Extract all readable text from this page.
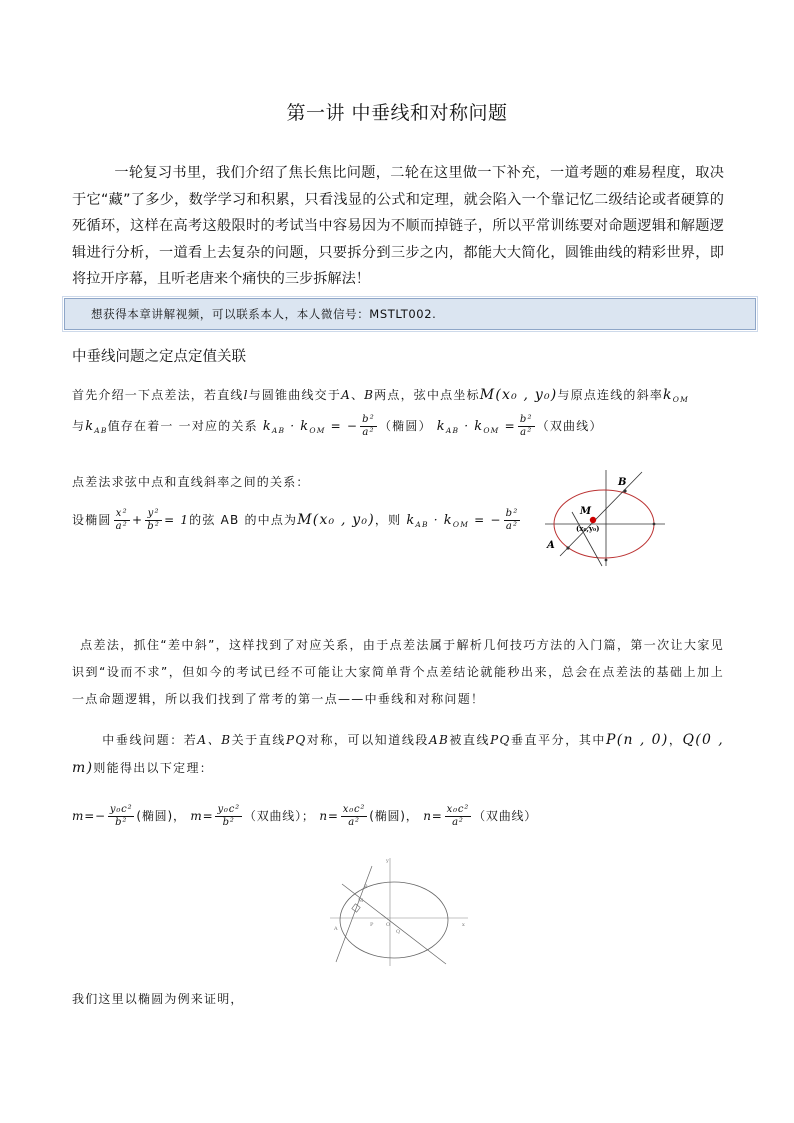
第一讲 中垂线和对称问题
一轮复习书里，我们介绍了焦长焦比问题，二轮在这里做一下补充，一道考题的难易程度，取决于它“藏”了多少，数学学习和积累，只看浅显的公式和定理，就会陷入一个靠记忆二级结论或者硬算的死循环，这样在高考这般限时的考试当中容易因为不顺而掉链子，所以平常训练要对命题逻辑和解题逻辑进行分析，一道看上去复杂的问题，只要拆分到三步之内，都能大大简化，圆锥曲线的精彩世界，即将拉开序幕，且听老唐来个痛快的三步拆解法！
想获得本章讲解视频，可以联系本人，本人微信号：MSTLT002.
中垂线问题之定点定值关联
首先介绍一下点差法，若直线l与圆锥曲线交于A、B两点，弦中点坐标M(x₀ , y₀)与原点连线的斜率$k_{OM}$
与$k_{AB}$值存在着一 一对应的关系 $k_{AB} \cdot k_{OM}$ = − $\frac{\text{b²}}{\text{a²}}$ （椭圆） $k_{AB} \cdot k_{OM} = \frac{\text{b²}}{\text{a²}}$ （双曲线）
点差法求弦中点和直线斜率之间的关系：
设椭圆 $\frac{\text{x²}}{\text{a²}} + \frac{\text{y²}}{\text{b²}} = 1$的弦 AB 的中点为M(x₀ , y₀)，则 $k_{AB} \cdot k_{OM}$ = − $\frac{\text{b²}}{\text{a²}}$
B
M
A
(x₀,y₀)
点差法，抓住“差中斜”，这样找到了对应关系，由于点差法属于解析几何技巧方法的入门篇，第一次让大家见识到“设而不求”，但如今的考试已经不可能让大家简单背个点差结论就能秒出来，总会在点差法的基础上加上一点命题逻辑，所以我们找到了常考的第一点——中垂线和对称问题！
中垂线问题：若A、B关于直线PQ对称，可以知道线段AB被直线PQ垂直平分，其中P(n , 0)，Q(0 , m)则能得出以下定理：
$m=- \frac{\text{y₀c²}}{\text{b²}}$ (椭圆)， $m= \frac{\text{y₀c²}}{\text{b²}}$ （双曲线）； $n= \frac{\text{x₀c²}}{\text{a²}}$ (椭圆)， $n= \frac{\text{x₀c²}}{\text{a²}}$ （双曲线）
y
x
P
Q
O
M
A
B
我们这里以椭圆为例来证明，
